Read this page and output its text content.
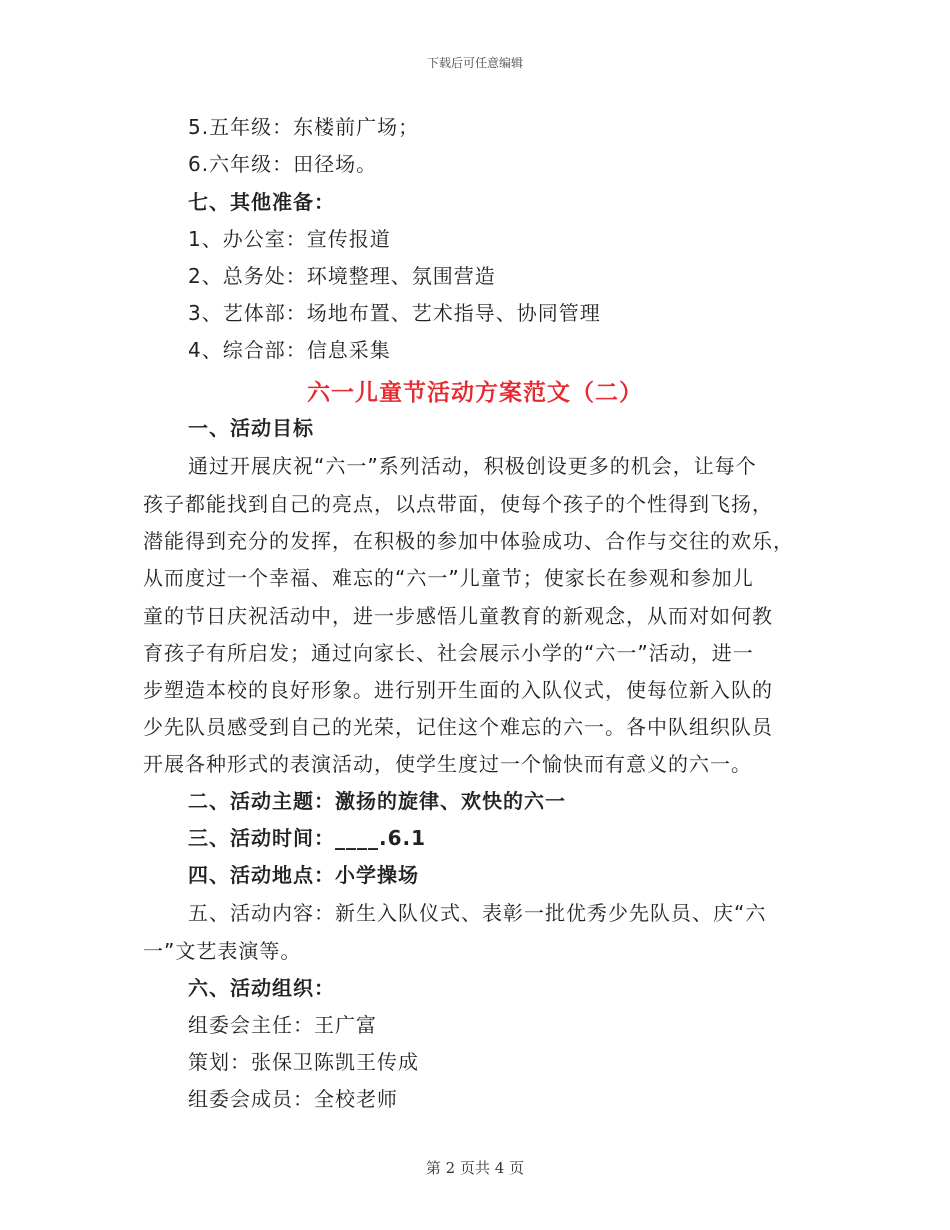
下载后可任意编辑
5.五年级：东楼前广场；
6.六年级：田径场。
七、其他准备：
1、办公室：宣传报道
2、总务处：环境整理、氛围营造
3、艺体部：场地布置、艺术指导、协同管理
4、综合部：信息采集
六一儿童节活动方案范文（二）
一、活动目标
通过开展庆祝“六一”系列活动，积极创设更多的机会，让每个
孩子都能找到自己的亮点，以点带面，使每个孩子的个性得到飞扬，
潜能得到充分的发挥，在积极的参加中体验成功、合作与交往的欢乐，
从而度过一个幸福、难忘的“六一”儿童节；使家长在参观和参加儿
童的节日庆祝活动中，进一步感悟儿童教育的新观念，从而对如何教
育孩子有所启发；通过向家长、社会展示小学的“六一”活动，进一
步塑造本校的良好形象。进行别开生面的入队仪式，使每位新入队的
少先队员感受到自己的光荣，记住这个难忘的六一。各中队组织队员
开展各种形式的表演活动，使学生度过一个愉快而有意义的六一。
二、活动主题：激扬的旋律、欢快的六一
三、活动时间：____.6.1
四、活动地点：小学操场
五、活动内容：新生入队仪式、表彰一批优秀少先队员、庆“六
一”文艺表演等。
六、活动组织：
组委会主任：王广富
策划：张保卫陈凯王传成
组委会成员：全校老师
第 2 页共 4 页
